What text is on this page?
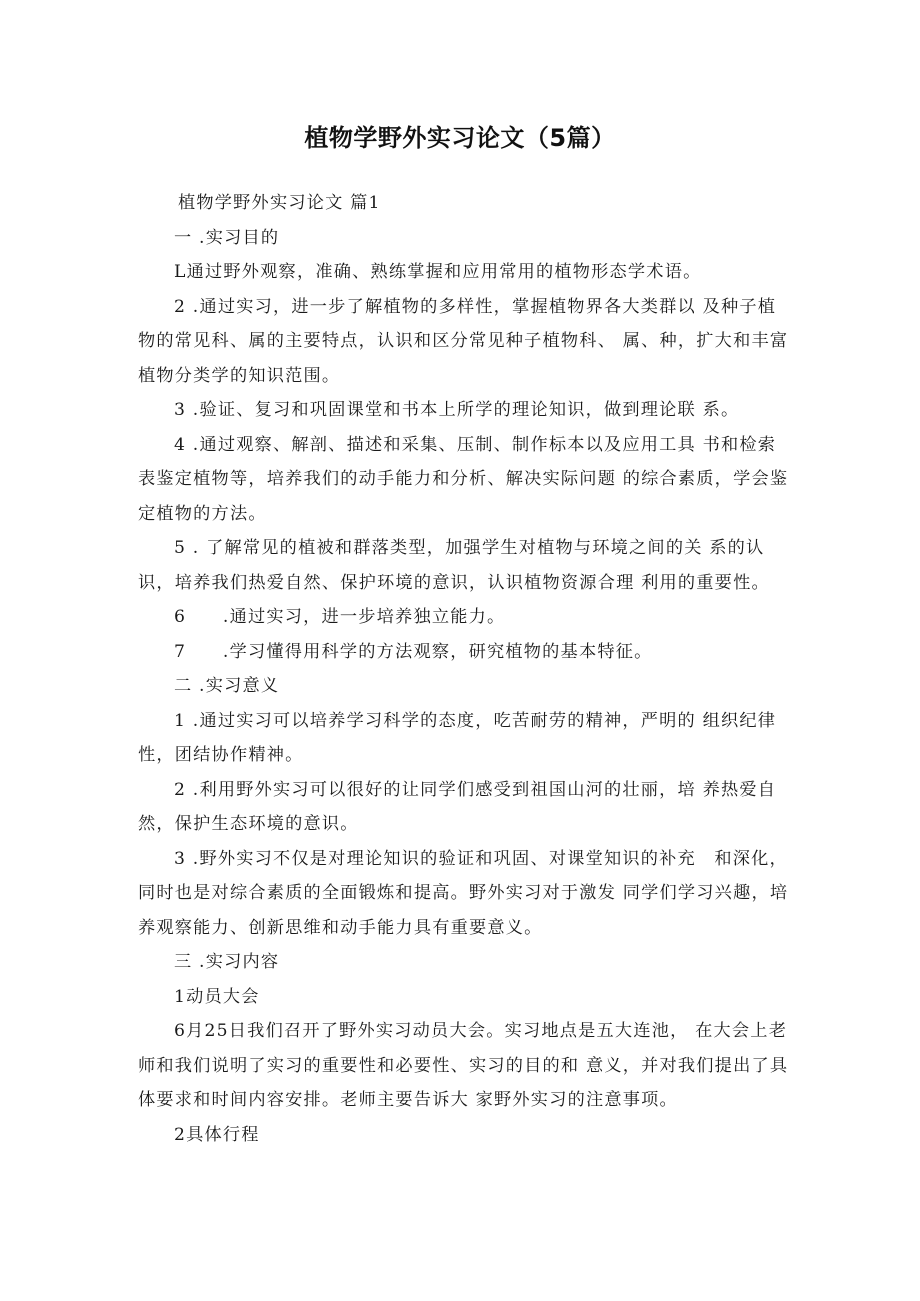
植物学野外实习论文（5篇）

植物学野外实习论文 篇1

一 .实习目的

L通过野外观察，准确、熟练掌握和应用常用的植物形态学术语。

2 .通过实习，进一步了解植物的多样性，掌握植物界各大类群以 及种子植物的常见科、属的主要特点，认识和区分常见种子植物科、 属、种，扩大和丰富植物分类学的知识范围。

3 .验证、复习和巩固课堂和书本上所学的理论知识，做到理论联 系。

4 .通过观察、解剖、描述和采集、压制、制作标本以及应用工具 书和检索表鉴定植物等，培养我们的动手能力和分析、解决实际问题 的综合素质，学会鉴定植物的方法。

5 . 了解常见的植被和群落类型，加强学生对植物与环境之间的关 系的认识，培养我们热爱自然、保护环境的意识，认识植物资源合理 利用的重要性。

6　　.通过实习，进一步培养独立能力。

7　　.学习懂得用科学的方法观察，研究植物的基本特征。

二 .实习意义

1 .通过实习可以培养学习科学的态度，吃苦耐劳的精神，严明的 组织纪律性，团结协作精神。

2 .利用野外实习可以很好的让同学们感受到祖国山河的壮丽，培 养热爱自然，保护生态环境的意识。

3 .野外实习不仅是对理论知识的验证和巩固、对课堂知识的补充　和深化，同时也是对综合素质的全面锻炼和提高。野外实习对于激发 同学们学习兴趣，培养观察能力、创新思维和动手能力具有重要意义。

三 .实习内容

1动员大会

6月25日我们召开了野外实习动员大会。实习地点是五大连池， 在大会上老师和我们说明了实习的重要性和必要性、实习的目的和 意义，并对我们提出了具体要求和时间内容安排。老师主要告诉大 家野外实习的注意事项。

2具体行程
